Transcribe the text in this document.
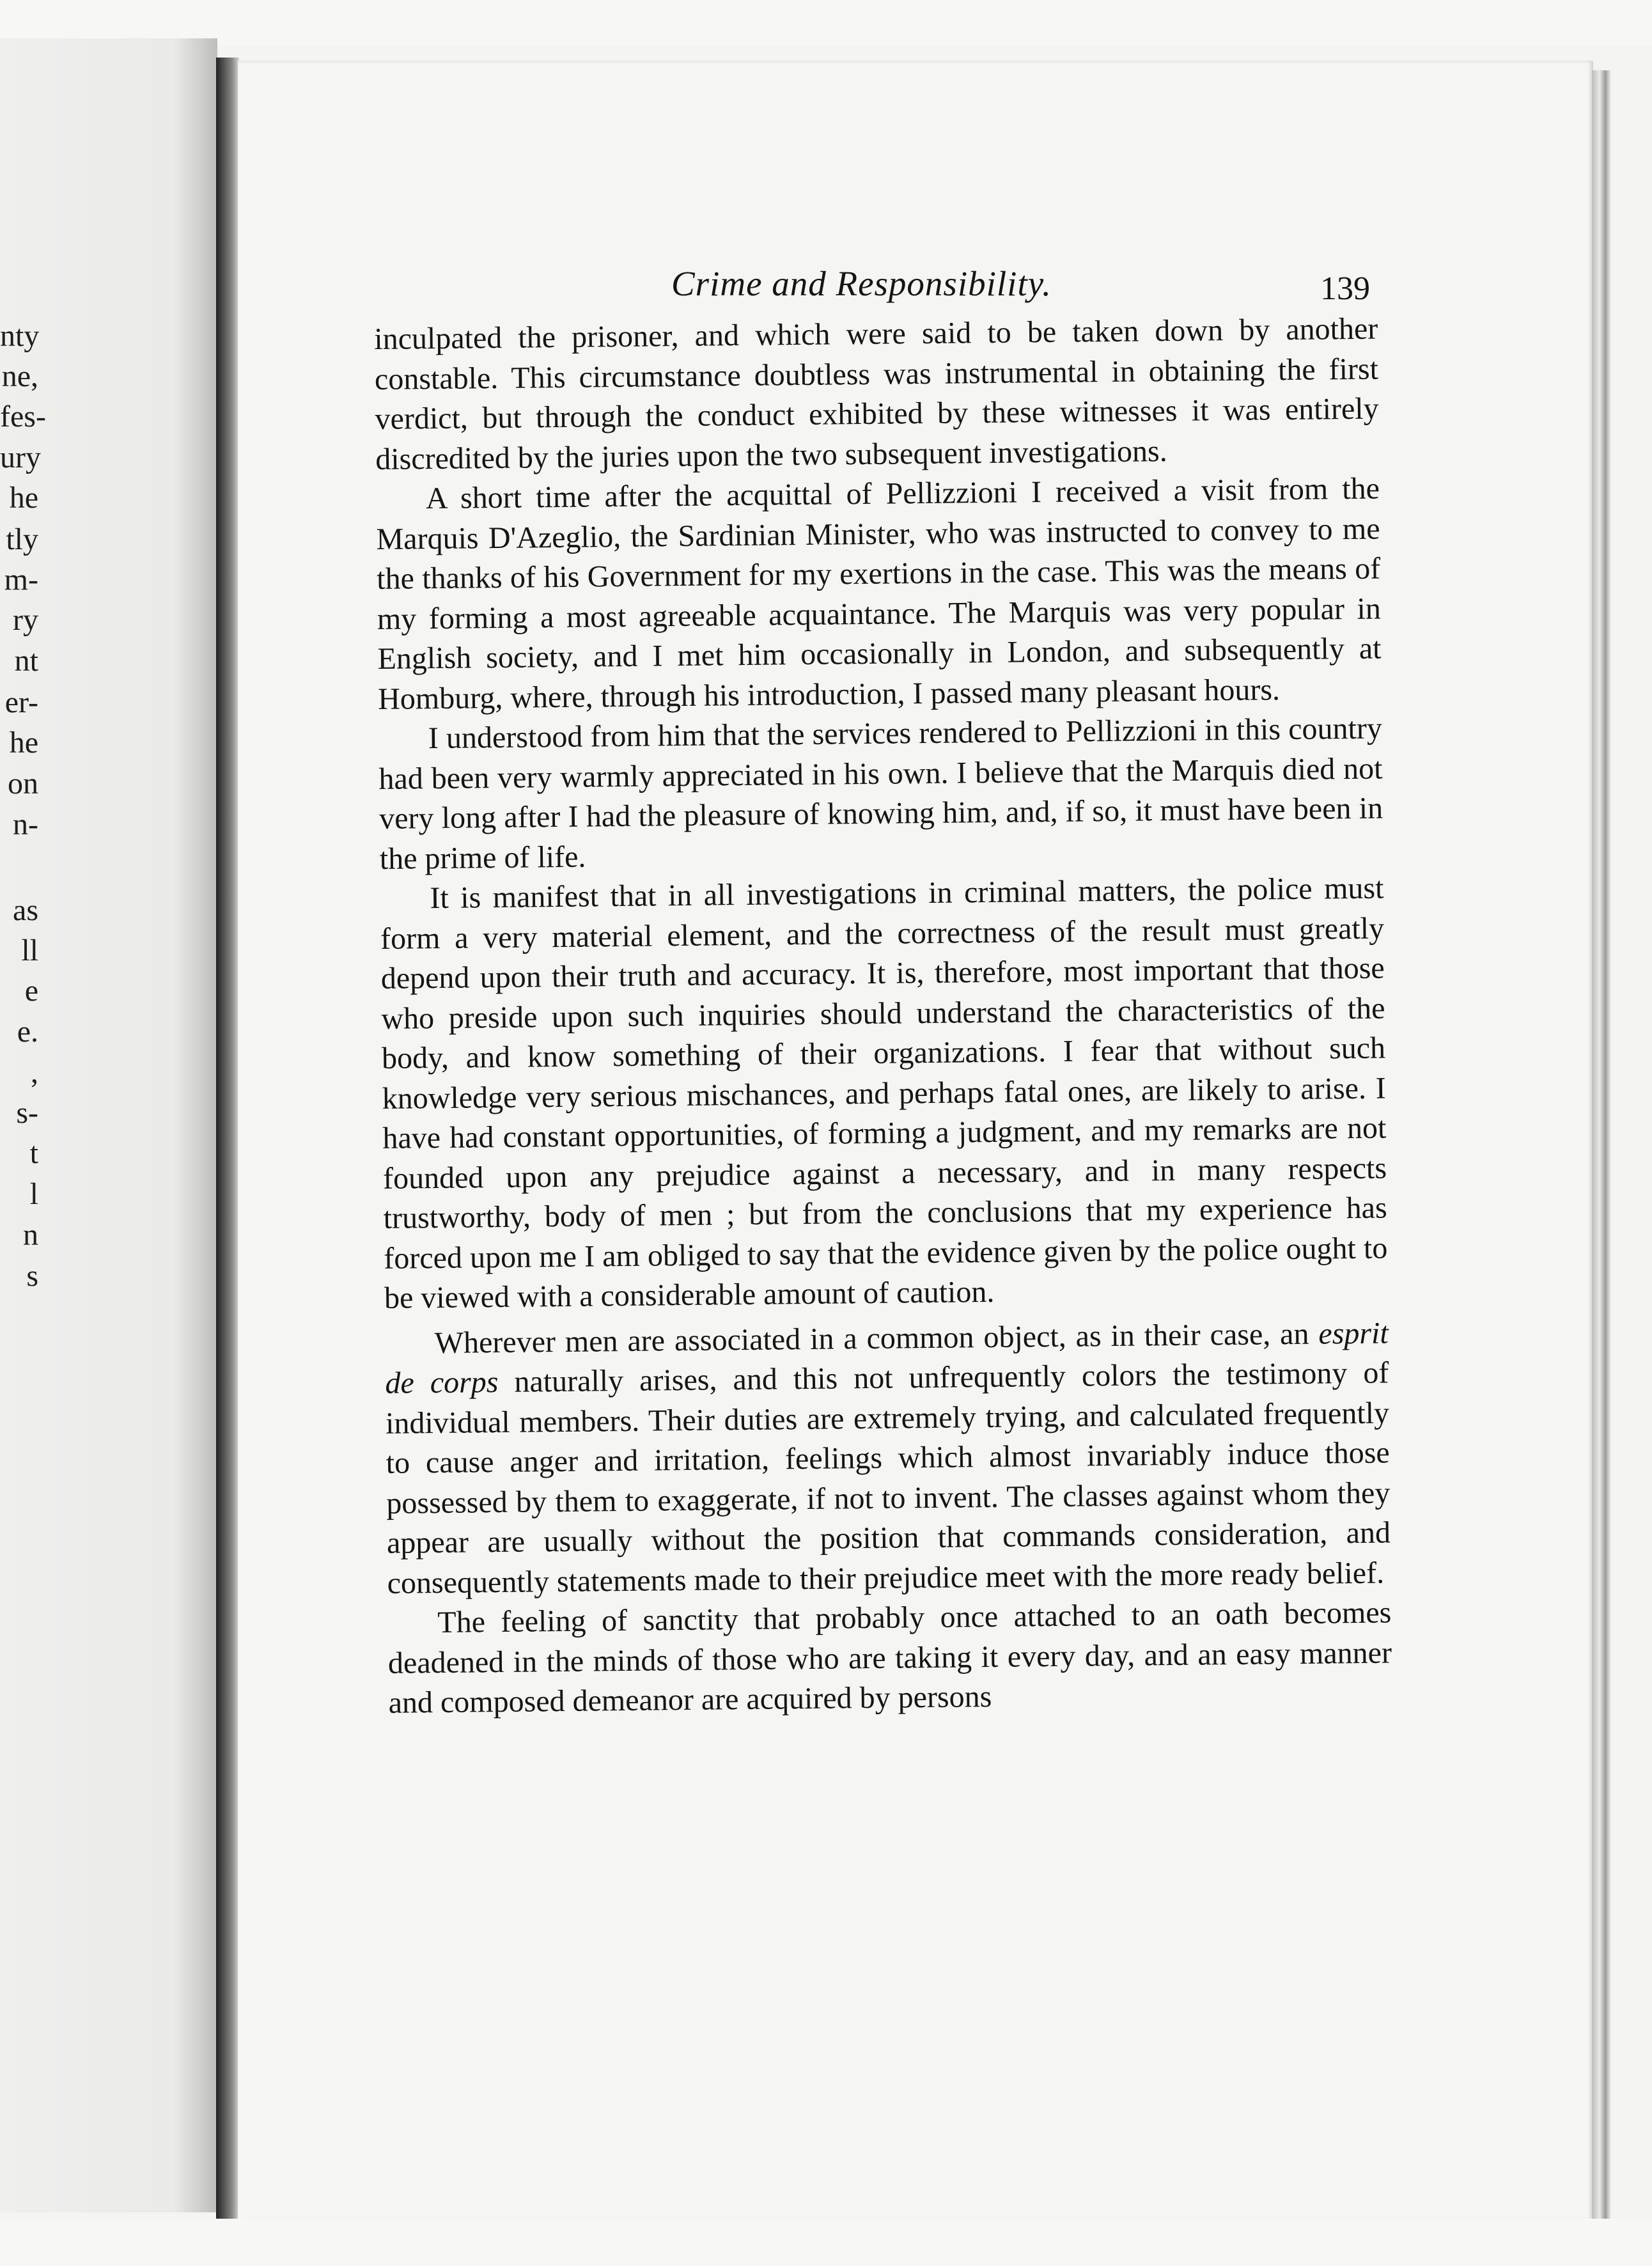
nty
ne,
fes-
ury
he
tly
m-
ry
nt
er-
he
on
n-
as
ll
e
e.
,
s-
t
l
n
s
Crime and Responsibility.	139

inculpated the prisoner, and which were said to be taken down by another constable. This circumstance doubtless was instrumental in obtaining the first verdict, but through the conduct exhibited by these witnesses it was entirely discredited by the juries upon the two subsequent investigations.

A short time after the acquittal of Pellizzioni I received a visit from the Marquis D'Azeglio, the Sardinian Minister, who was instructed to convey to me the thanks of his Government for my exertions in the case. This was the means of my forming a most agreeable acquaintance. The Marquis was very popular in English society, and I met him occasionally in London, and subsequently at Homburg, where, through his introduction, I passed many pleasant hours.

I understood from him that the services rendered to Pellizzioni in this country had been very warmly appreciated in his own. I believe that the Marquis died not very long after I had the pleasure of knowing him, and, if so, it must have been in the prime of life.

It is manifest that in all investigations in criminal matters, the police must form a very material element, and the correctness of the result must greatly depend upon their truth and accuracy. It is, therefore, most important that those who preside upon such inquiries should understand the characteristics of the body, and know something of their organizations. I fear that without such knowledge very serious mischances, and perhaps fatal ones, are likely to arise. I have had constant opportunities, of forming a judgment, and my remarks are not founded upon any prejudice against a necessary, and in many respects trustworthy, body of men ; but from the conclusions that my experience has forced upon me I am obliged to say that the evidence given by the police ought to be viewed with a considerable amount of caution.

Wherever men are associated in a common object, as in their case, an esprit de corps naturally arises, and this not unfrequently colors the testimony of individual members. Their duties are extremely trying, and calculated frequently to cause anger and irritation, feelings which almost invariably induce those possessed by them to exaggerate, if not to invent. The classes against whom they appear are usually without the position that commands consideration, and consequently statements made to their prejudice meet with the more ready belief.

The feeling of sanctity that probably once attached to an oath becomes deadened in the minds of those who are taking it every day, and an easy manner and composed demeanor are acquired by persons
